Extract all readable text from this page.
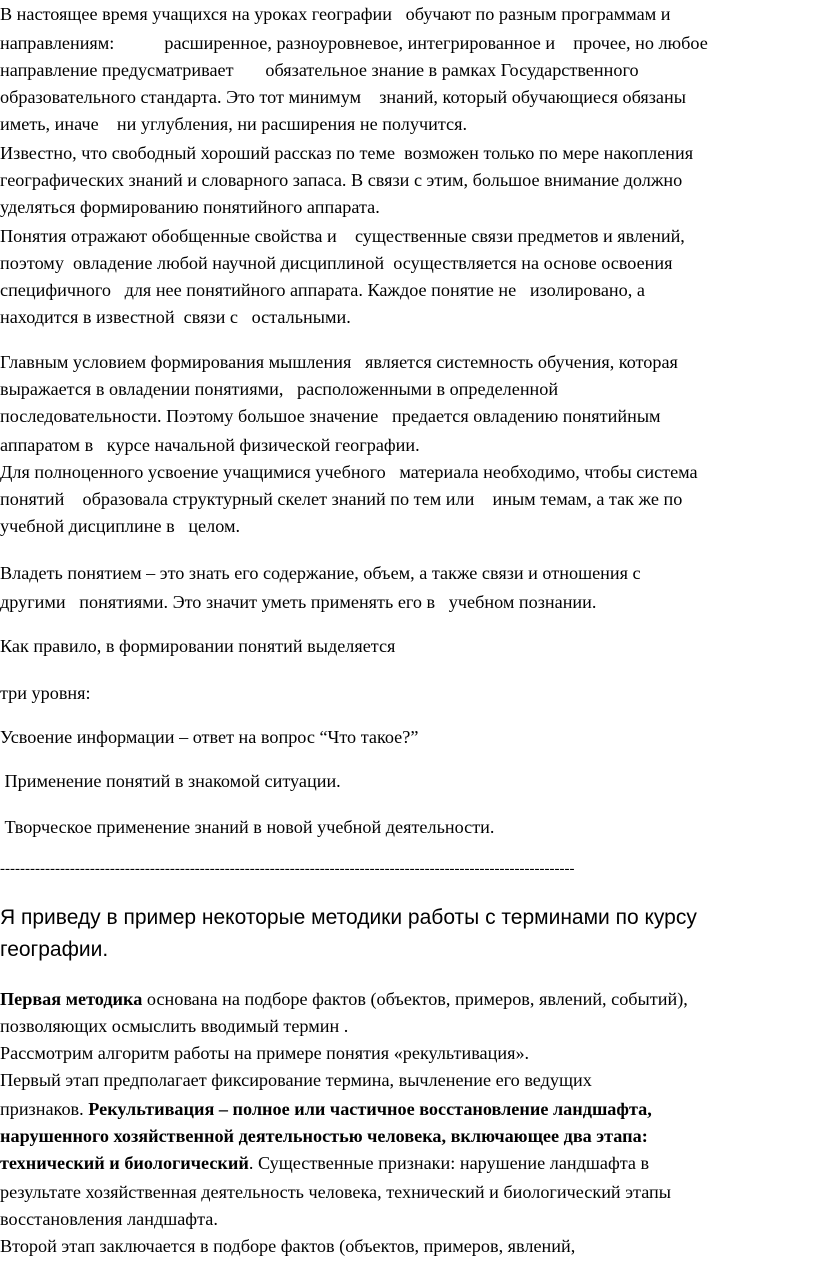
В настоящее время учащихся на уроках географии   обучают по разным программам и
направлениям:           расширенное, разноуровневое, интегрированное и    прочее, но любое
направление предусматривает       обязательное знание в рамках Государственного
образовательного стандарта. Это тот минимум    знаний, который обучающиеся обязаны
иметь, иначе    ни углубления, ни расширения не получится.
Известно, что свободный хороший рассказ по теме  возможен только по мере накопления
географических знаний и словарного запаса. В связи с этим, большое внимание должно
уделяться формированию понятийного аппарата.
Понятия отражают обобщенные свойства и    существенные связи предметов и явлений,
поэтому  овладение любой научной дисциплиной  осуществляется на основе освоения
специфичного   для нее понятийного аппарата. Каждое понятие не   изолировано, а
находится в известной  связи с   остальными.
Главным условием формирования мышления   является системность обучения, которая
выражается в овладении понятиями,   расположенными в определенной
последовательности. Поэтому большое значение   предается овладению понятийным
аппаратом в   курсе начальной физической географии.
Для полноценного усвоение учащимися учебного   материала необходимо, чтобы система
понятий    образовала структурный скелет знаний по тем или    иным темам, а так же по
учебной дисциплине в   целом.
Владеть понятием – это знать его содержание, объем, а также связи и отношения с
другими   понятиями. Это значит уметь применять его в   учебном познании.
Как правило, в формировании понятий выделяется
три уровня:
Усвоение информации – ответ на вопрос “Что такое?”
Применение понятий в знакомой ситуации.
Творческое применение знаний в новой учебной деятельности.
-------------------------------------------------------------------------------------------------------------------
Я приведу в пример некоторые методики работы с терминами по курсу
географии.
Первая методика основана на подборе фактов (объектов, примеров, явлений, событий),
позволяющих осмыслить вводимый термин .
Рассмотрим алгоритм работы на примере понятия «рекультивация».
Первый этап предполагает фиксирование термина, вычленение его ведущих
признаков. Рекультивация – полное или частичное восстановление ландшафта,
нарушенного хозяйственной деятельностью человека, включающее два этапа:
технический и биологический. Существенные признаки: нарушение ландшафта в
результате хозяйственная деятельность человека, технический и биологический этапы
восстановления ландшафта.
Второй этап заключается в подборе фактов (объектов, примеров, явлений,
